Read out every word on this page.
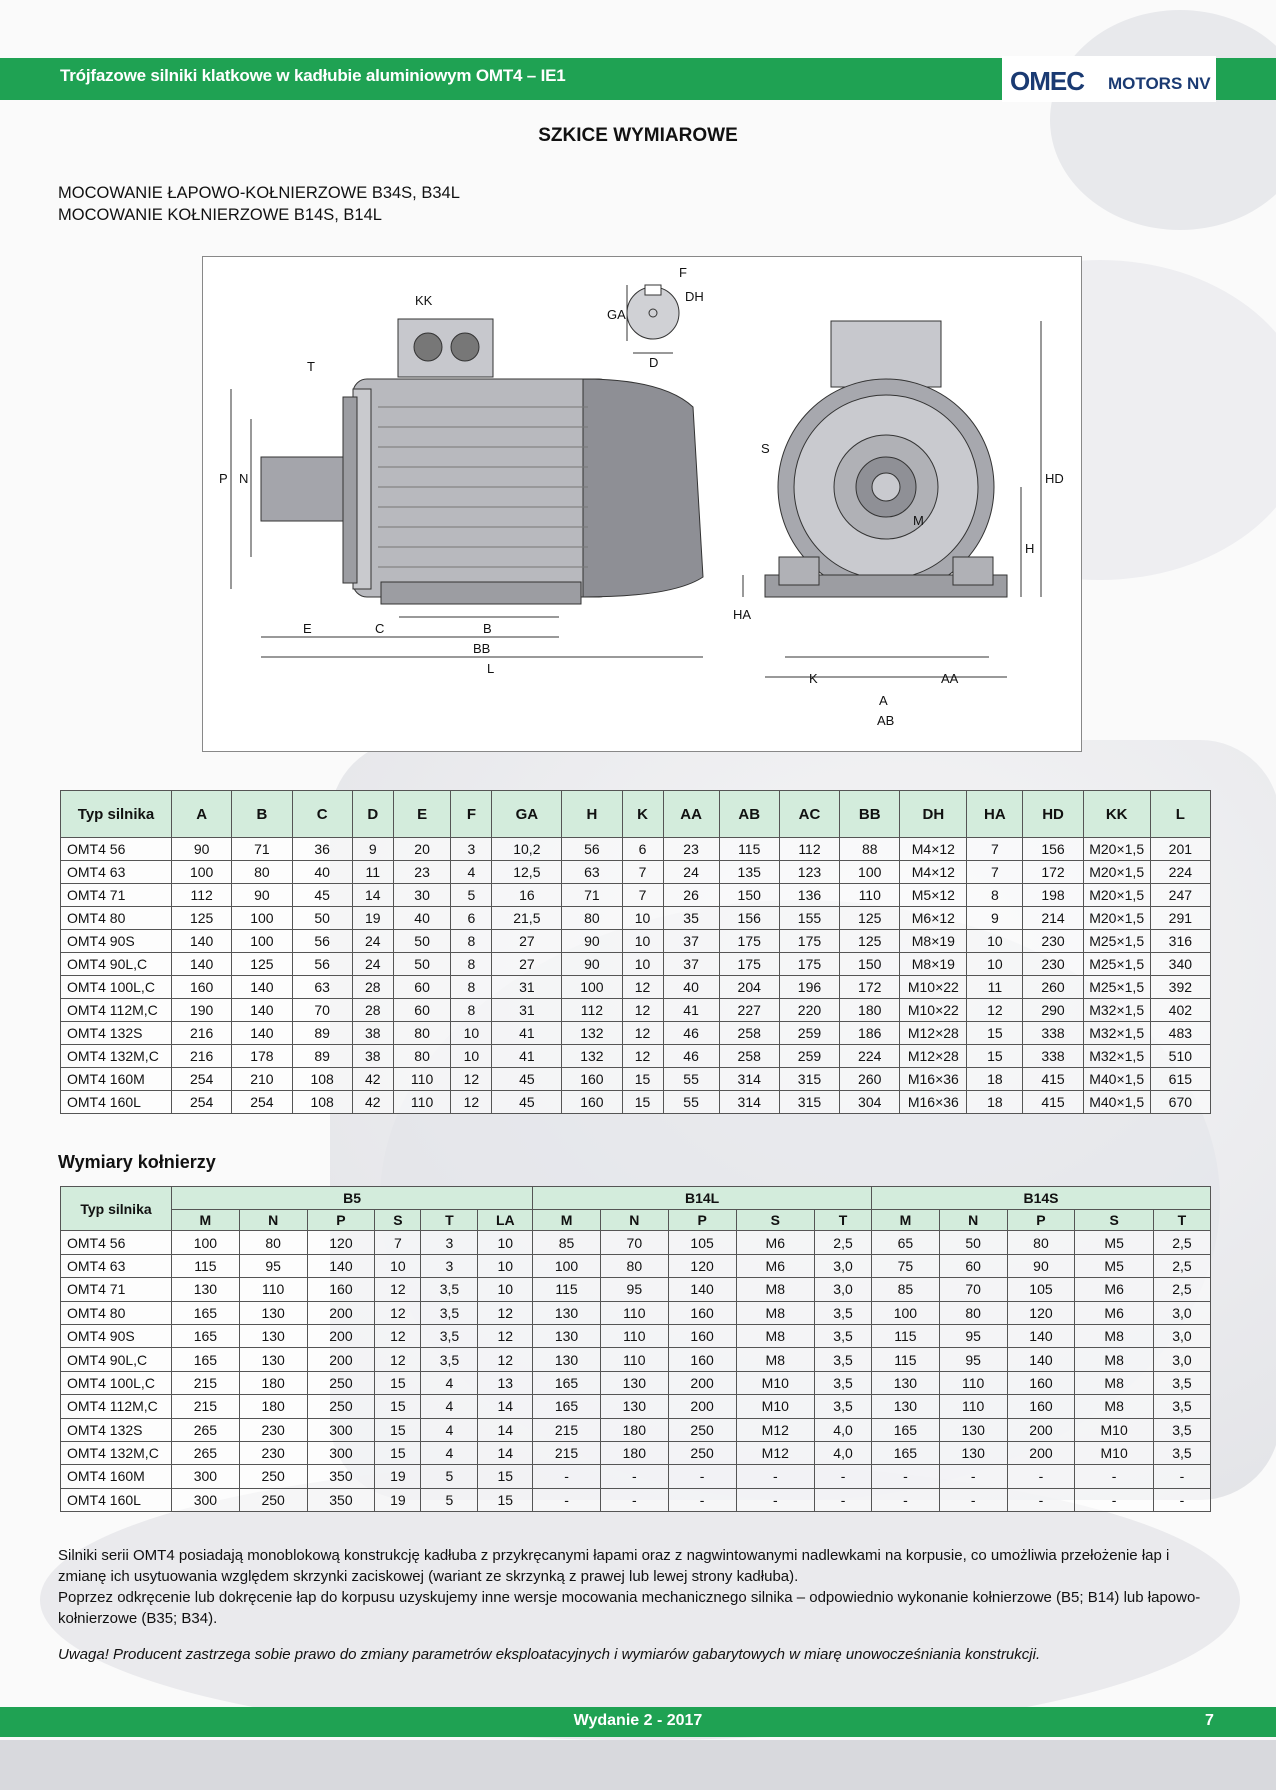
Trójfazowe silniki klatkowe w kadłubie aluminiowym OMT4 – IE1	OMEC MOTORS NV
SZKICE WYMIAROWE
MOCOWANIE ŁAPOWO-KOŁNIERZOWE B34S, B34L
MOCOWANIE KOŁNIERZOWE B14S, B14L
KK
T
P N
E	C	B
BB
L
F
DH
GA
D
S
M
HD
H
HA
K
A
AA
AB
Typ silnika	A	B	C	D	E	F	GA	H	K	AA	AB	AC	BB	DH	HA	HD	KK	L
OMT4 56	90	71	36	9	20	3	10,2	56	6	23	115	112	88	M4×12	7	156	M20×1,5	201
OMT4 63	100	80	40	11	23	4	12,5	63	7	24	135	123	100	M4×12	7	172	M20×1,5	224
OMT4 71	112	90	45	14	30	5	16	71	7	26	150	136	110	M5×12	8	198	M20×1,5	247
OMT4 80	125	100	50	19	40	6	21,5	80	10	35	156	155	125	M6×12	9	214	M20×1,5	291
OMT4 90S	140	100	56	24	50	8	27	90	10	37	175	175	125	M8×19	10	230	M25×1,5	316
OMT4 90L,C	140	125	56	24	50	8	27	90	10	37	175	175	150	M8×19	10	230	M25×1,5	340
OMT4 100L,C	160	140	63	28	60	8	31	100	12	40	204	196	172	M10×22	11	260	M25×1,5	392
OMT4 112M,C	190	140	70	28	60	8	31	112	12	41	227	220	180	M10×22	12	290	M32×1,5	402
OMT4 132S	216	140	89	38	80	10	41	132	12	46	258	259	186	M12×28	15	338	M32×1,5	483
OMT4 132M,C	216	178	89	38	80	10	41	132	12	46	258	259	224	M12×28	15	338	M32×1,5	510
OMT4 160M	254	210	108	42	110	12	45	160	15	55	314	315	260	M16×36	18	415	M40×1,5	615
OMT4 160L	254	254	108	42	110	12	45	160	15	55	314	315	304	M16×36	18	415	M40×1,5	670
Wymiary kołnierzy
Typ silnika	B5						B14L					B14S				
	M	N	P	S	T	LA	M	N	P	S	T	M	N	P	S	T
OMT4 56	100	80	120	7	3	10	85	70	105	M6	2,5	65	50	80	M5	2,5
OMT4 63	115	95	140	10	3	10	100	80	120	M6	3,0	75	60	90	M5	2,5
OMT4 71	130	110	160	12	3,5	10	115	95	140	M8	3,0	85	70	105	M6	2,5
OMT4 80	165	130	200	12	3,5	12	130	110	160	M8	3,5	100	80	120	M6	3,0
OMT4 90S	165	130	200	12	3,5	12	130	110	160	M8	3,5	115	95	140	M8	3,0
OMT4 90L,C	165	130	200	12	3,5	12	130	110	160	M8	3,5	115	95	140	M8	3,0
OMT4 100L,C	215	180	250	15	4	13	165	130	200	M10	3,5	130	110	160	M8	3,5
OMT4 112M,C	215	180	250	15	4	14	165	130	200	M10	3,5	130	110	160	M8	3,5
OMT4 132S	265	230	300	15	4	14	215	180	250	M12	4,0	165	130	200	M10	3,5
OMT4 132M,C	265	230	300	15	4	14	215	180	250	M12	4,0	165	130	200	M10	3,5
OMT4 160M	300	250	350	19	5	15	-	-	-	-	-	-	-	-	-	-
OMT4 160L	300	250	350	19	5	15	-	-	-	-	-	-	-	-	-	-
Silniki serii OMT4 posiadają monoblokową konstrukcję kadłuba z przykręcanymi łapami oraz z nagwintowanymi nadlewkami na korpusie, co umożliwia przełożenie łap i zmianę ich usytuowania względem skrzynki zaciskowej (wariant ze skrzynką z prawej lub lewej strony kadłuba).
Poprzez odkręcenie lub dokręcenie łap do korpusu uzyskujemy inne wersje mocowania mechanicznego silnika – odpowiednio wykonanie kołnierzowe (B5; B14) lub łapowo-kołnierzowe (B35; B34).
Uwaga! Producent zastrzega sobie prawo do zmiany parametrów eksploatacyjnych i wymiarów gabarytowych w miarę unowocześniania konstrukcji.
Wydanie 2 - 2017	7
